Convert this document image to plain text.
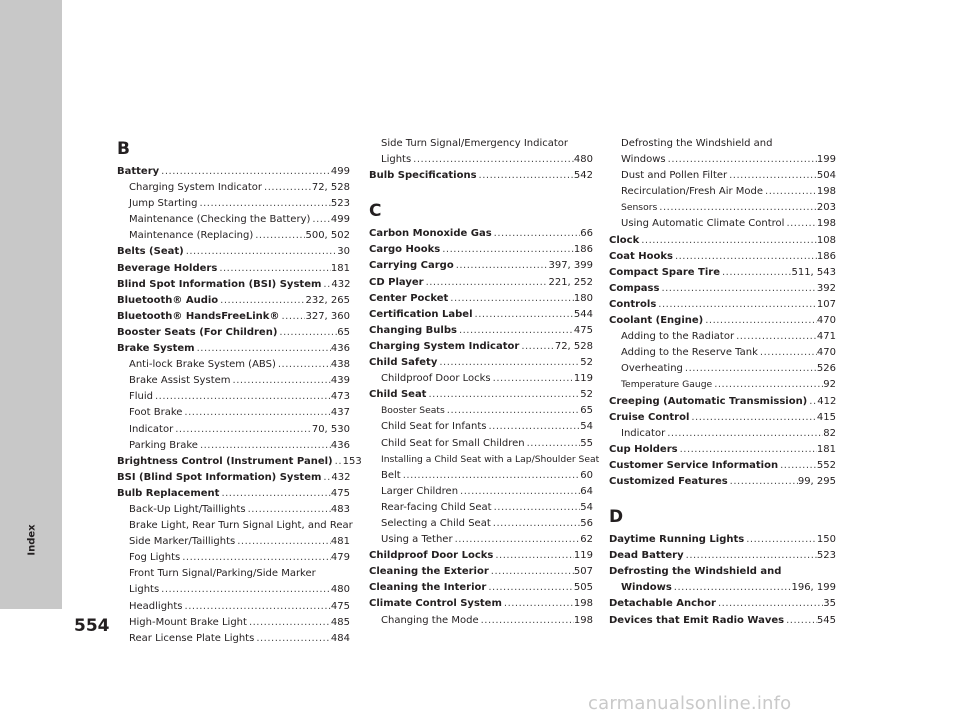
Index
554
B
Battery .....	499
Charging System Indicator .....	72, 528
Jump Starting .....	523
Maintenance (Checking the Battery) ..... 499
Maintenance (Replacing) .....	500, 502
Belts (Seat) .....	30
Beverage Holders .....	181
Blind Spot Information (BSI) System ..... 432
Bluetooth® Audio .....	232, 265
Bluetooth® HandsFreeLink® .....	327, 360
Booster Seats (For Children) .....	65
Brake System .....	436
Anti-lock Brake System (ABS) .....	438
Brake Assist System .....	439
Fluid .....	473
Foot Brake .....	437
Indicator .....	70, 530
Parking Brake .....	436
Brightness Control (Instrument Panel) ..... 153
BSI (Blind Spot Information) System ..... 432
Bulb Replacement .....	475
Back-Up Light/Taillights .....	483
Brake Light, Rear Turn Signal Light, and Rear
Side Marker/Taillights .....	481
Fog Lights .....	479
Front Turn Signal/Parking/Side Marker
Lights .....	480
Headlights .....	475
High-Mount Brake Light .....	485
Rear License Plate Lights .....	484
Side Turn Signal/Emergency Indicator
Lights .....	480
Bulb Specifications .....	542
C
Carbon Monoxide Gas .....	66
Cargo Hooks .....	186
Carrying Cargo .....	397, 399
CD Player .....	221, 252
Center Pocket .....	180
Certification Label .....	544
Changing Bulbs .....	475
Charging System Indicator .....	72, 528
Child Safety .....	52
Childproof Door Locks .....	119
Child Seat .....	52
Booster Seats .....	65
Child Seat for Infants .....	54
Child Seat for Small Children .....	55
Installing a Child Seat with a Lap/Shoulder Seat
Belt .....	60
Larger Children .....	64
Rear-facing Child Seat .....	54
Selecting a Child Seat .....	56
Using a Tether .....	62
Childproof Door Locks .....	119
Cleaning the Exterior .....	507
Cleaning the Interior .....	505
Climate Control System .....	198
Changing the Mode .....	198
Defrosting the Windshield and
Windows .....	199
Dust and Pollen Filter .....	504
Recirculation/Fresh Air Mode .....	198
Sensors .....	203
Using Automatic Climate Control .....	198
Clock .....	108
Coat Hooks .....	186
Compact Spare Tire .....	511, 543
Compass .....	392
Controls .....	107
Coolant (Engine) .....	470
Adding to the Radiator .....	471
Adding to the Reserve Tank .....	470
Overheating .....	526
Temperature Gauge .....	92
Creeping (Automatic Transmission) ..... 412
Cruise Control .....	415
Indicator .....	82
Cup Holders .....	181
Customer Service Information .....	552
Customized Features .....	99, 295
D
Daytime Running Lights .....	150
Dead Battery .....	523
Defrosting the Windshield and
Windows .....	196, 199
Detachable Anchor .....	35
Devices that Emit Radio Waves .....	545
carmanualsonline.info
